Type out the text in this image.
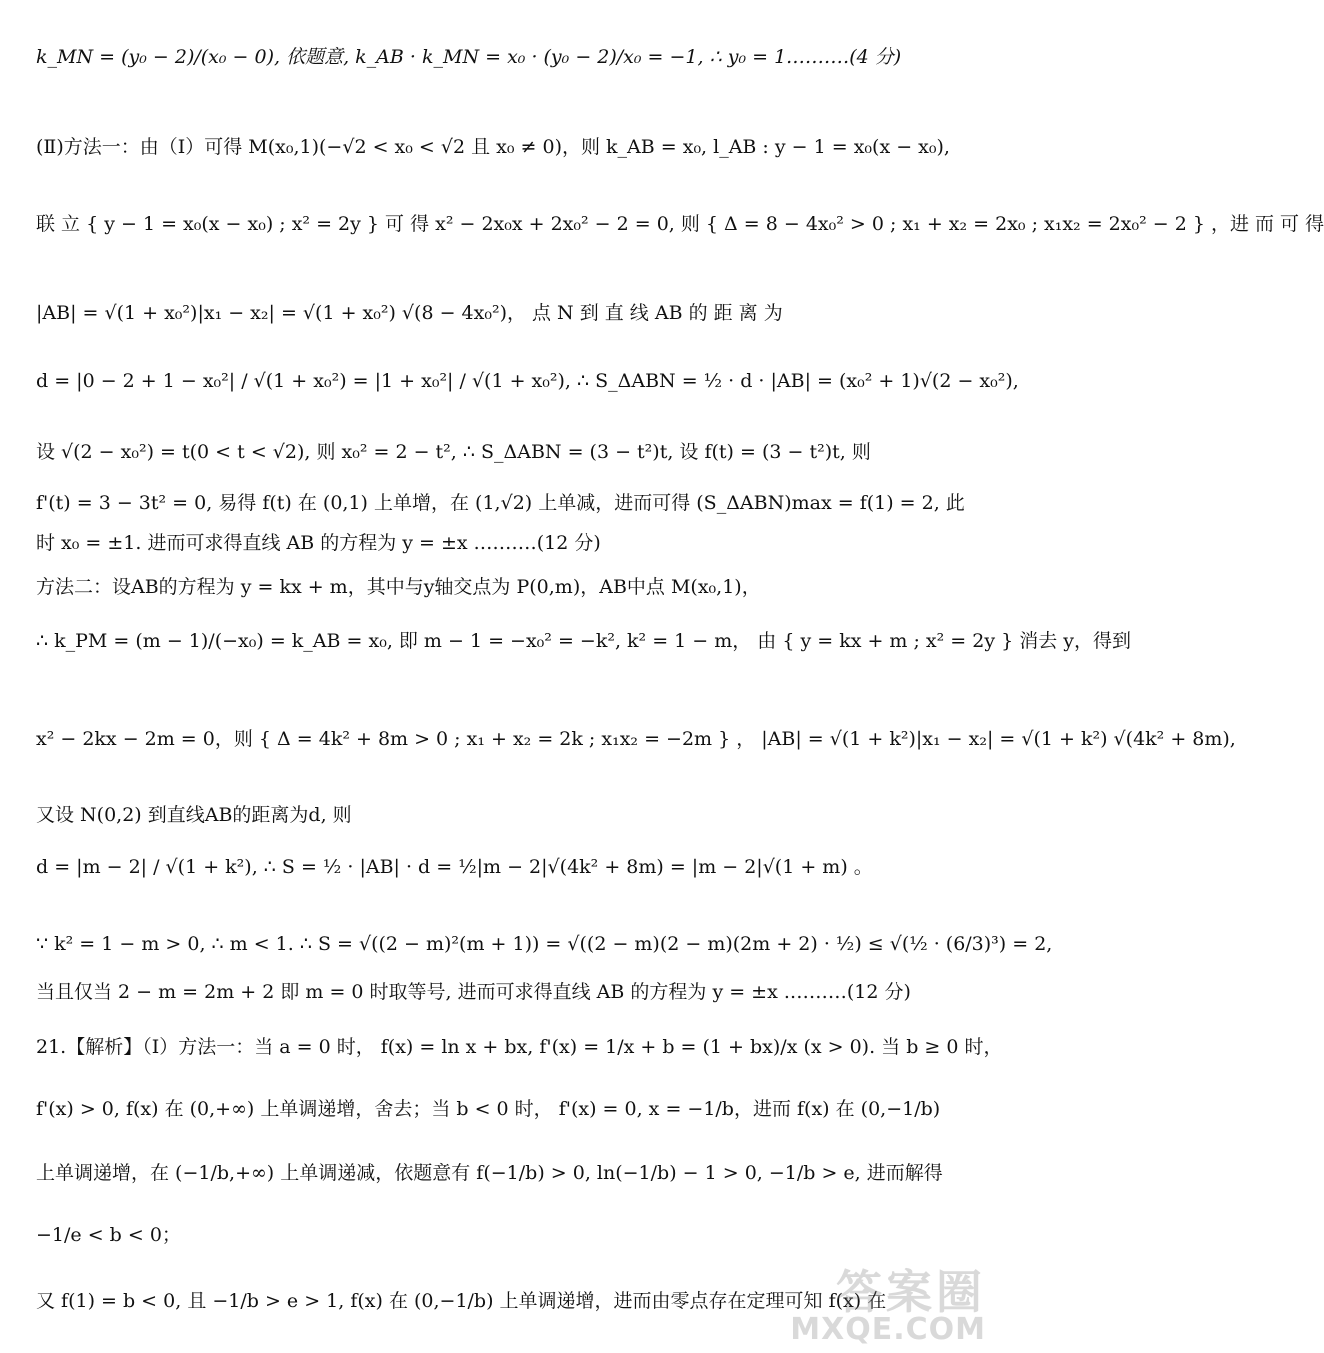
k_MN = (y₀ − 2)/(x₀ − 0), 依题意, k_AB · k_MN = x₀ · (y₀ − 2)/x₀ = −1, ∴ y₀ = 1.………(4 分)
(Ⅱ)方法一：由（Ⅰ）可得 M(x₀,1)(−√2 < x₀ < √2 且 x₀ ≠ 0)，则 k_AB = x₀, l_AB : y − 1 = x₀(x − x₀),
联 立 { y − 1 = x₀(x − x₀) ; x² = 2y } 可 得 x² − 2x₀x + 2x₀² − 2 = 0, 则 { Δ = 8 − 4x₀² > 0 ; x₁ + x₂ = 2x₀ ; x₁x₂ = 2x₀² − 2 } ，进 而 可 得
|AB| = √(1 + x₀²)|x₁ − x₂| = √(1 + x₀²) √(8 − 4x₀²)， 点 N 到 直 线 AB 的 距 离 为
d = |0 − 2 + 1 − x₀²| / √(1 + x₀²) = |1 + x₀²| / √(1 + x₀²), ∴ S_ΔABN = ½ · d · |AB| = (x₀² + 1)√(2 − x₀²),
设 √(2 − x₀²) = t(0 < t < √2), 则 x₀² = 2 − t², ∴ S_ΔABN = (3 − t²)t, 设 f(t) = (3 − t²)t, 则
f'(t) = 3 − 3t² = 0, 易得 f(t) 在 (0,1) 上单增，在 (1,√2) 上单减，进而可得 (S_ΔABN)max = f(1) = 2, 此
时 x₀ = ±1. 进而可求得直线 AB 的方程为 y = ±x .………(12 分)
方法二：设AB的方程为 y = kx + m，其中与y轴交点为 P(0,m)，AB中点 M(x₀,1)，
∴ k_PM = (m − 1)/(−x₀) = k_AB = x₀, 即 m − 1 = −x₀² = −k², k² = 1 − m， 由 { y = kx + m ; x² = 2y } 消去 y，得到
x² − 2kx − 2m = 0，则 { Δ = 4k² + 8m > 0 ; x₁ + x₂ = 2k ; x₁x₂ = −2m } ， |AB| = √(1 + k²)|x₁ − x₂| = √(1 + k²) √(4k² + 8m),
又设 N(0,2) 到直线AB的距离为d, 则
d = |m − 2| / √(1 + k²), ∴ S = ½ · |AB| · d = ½|m − 2|√(4k² + 8m) = |m − 2|√(1 + m) 。
∵ k² = 1 − m > 0, ∴ m < 1. ∴ S = √((2 − m)²(m + 1)) = √((2 − m)(2 − m)(2m + 2) · ½) ≤ √(½ · (6/3)³) = 2,
当且仅当 2 − m = 2m + 2 即 m = 0 时取等号, 进而可求得直线 AB 的方程为 y = ±x .………(12 分)
21.【解析】（Ⅰ）方法一：当 a = 0 时， f(x) = ln x + bx, f'(x) = 1/x + b = (1 + bx)/x (x > 0). 当 b ≥ 0 时，
f'(x) > 0, f(x) 在 (0,+∞) 上单调递增，舍去；当 b < 0 时， f'(x) = 0, x = −1/b，进而 f(x) 在 (0,−1/b)
上单调递增，在 (−1/b,+∞) 上单调递减，依题意有 f(−1/b) > 0, ln(−1/b) − 1 > 0, −1/b > e, 进而解得
−1/e < b < 0；
又 f(1) = b < 0, 且 −1/b > e > 1, f(x) 在 (0,−1/b) 上单调递增，进而由零点存在定理可知 f(x) 在
答案圈
MXQE.COM
